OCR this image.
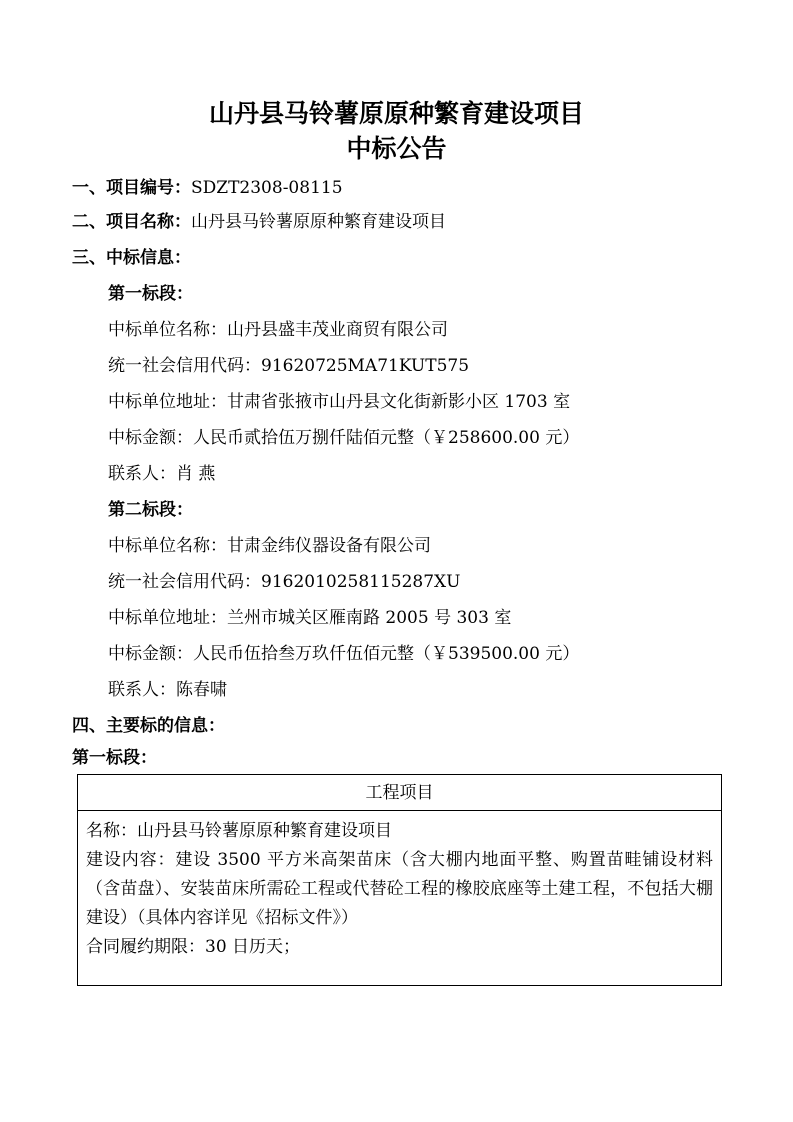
山丹县马铃薯原原种繁育建设项目
中标公告
一、项目编号：SDZT2308-08115
二、项目名称：山丹县马铃薯原原种繁育建设项目
三、中标信息：
第一标段：
中标单位名称：山丹县盛丰茂业商贸有限公司
统一社会信用代码：91620725MA71KUT575
中标单位地址：甘肃省张掖市山丹县文化街新影小区 1703 室
中标金额：人民币贰拾伍万捌仟陆佰元整（￥258600.00 元）
联系人：肖 燕
第二标段：
中标单位名称：甘肃金纬仪器设备有限公司
统一社会信用代码：9162010258115287XU
中标单位地址：兰州市城关区雁南路 2005 号 303 室
中标金额：人民币伍拾叁万玖仟伍佰元整（￥539500.00 元）
联系人：陈春啸
四、主要标的信息：
第一标段：
工程项目

名称：山丹县马铃薯原原种繁育建设项目

建设内容：建设 3500 平方米高架苗床（含大棚内地面平整、购置苗畦铺设材料（含苗盘）、安装苗床所需砼工程或代替砼工程的橡胶底座等土建工程，不包括大棚建设）（具体内容详见《招标文件》）

合同履约期限：30 日历天；
